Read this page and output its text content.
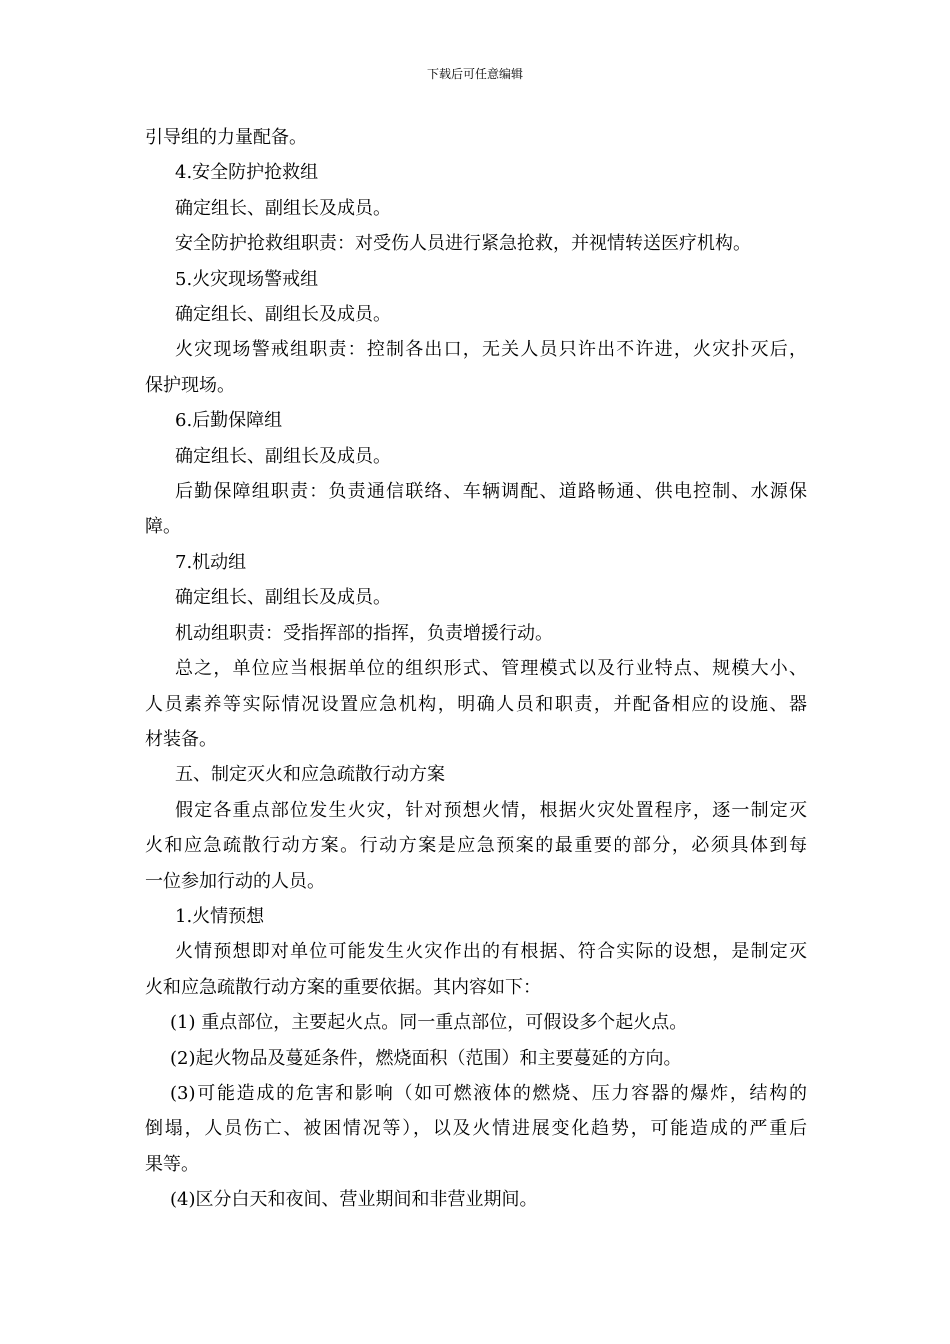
下载后可任意编辑

引导组的力量配备。

4.安全防护抢救组

确定组长、副组长及成员。

安全防护抢救组职责：对受伤人员进行紧急抢救，并视情转送医疗机构。

5.火灾现场警戒组

确定组长、副组长及成员。

火灾现场警戒组职责：控制各出口，无关人员只许出不许进，火灾扑灭后，

保护现场。

6.后勤保障组

确定组长、副组长及成员。

后勤保障组职责：负责通信联络、车辆调配、道路畅通、供电控制、水源保

障。

7.机动组

确定组长、副组长及成员。

机动组职责：受指挥部的指挥，负责增援行动。

总之，单位应当根据单位的组织形式、管理模式以及行业特点、规模大小、

人员素养等实际情况设置应急机构，明确人员和职责，并配备相应的设施、器

材装备。

五、制定灭火和应急疏散行动方案

假定各重点部位发生火灾，针对预想火情，根据火灾处置程序，逐一制定灭

火和应急疏散行动方案。行动方案是应急预案的最重要的部分，必须具体到每

一位参加行动的人员。

1.火情预想

火情预想即对单位可能发生火灾作出的有根据、符合实际的设想，是制定灭

火和应急疏散行动方案的重要依据。其内容如下：

(1) 重点部位，主要起火点。同一重点部位，可假设多个起火点。

(2)起火物品及蔓延条件，燃烧面积（范围）和主要蔓延的方向。

(3)可能造成的危害和影响（如可燃液体的燃烧、压力容器的爆炸，结构的

倒塌，人员伤亡、被困情况等），以及火情进展变化趋势，可能造成的严重后

果等。

(4)区分白天和夜间、营业期间和非营业期间。
